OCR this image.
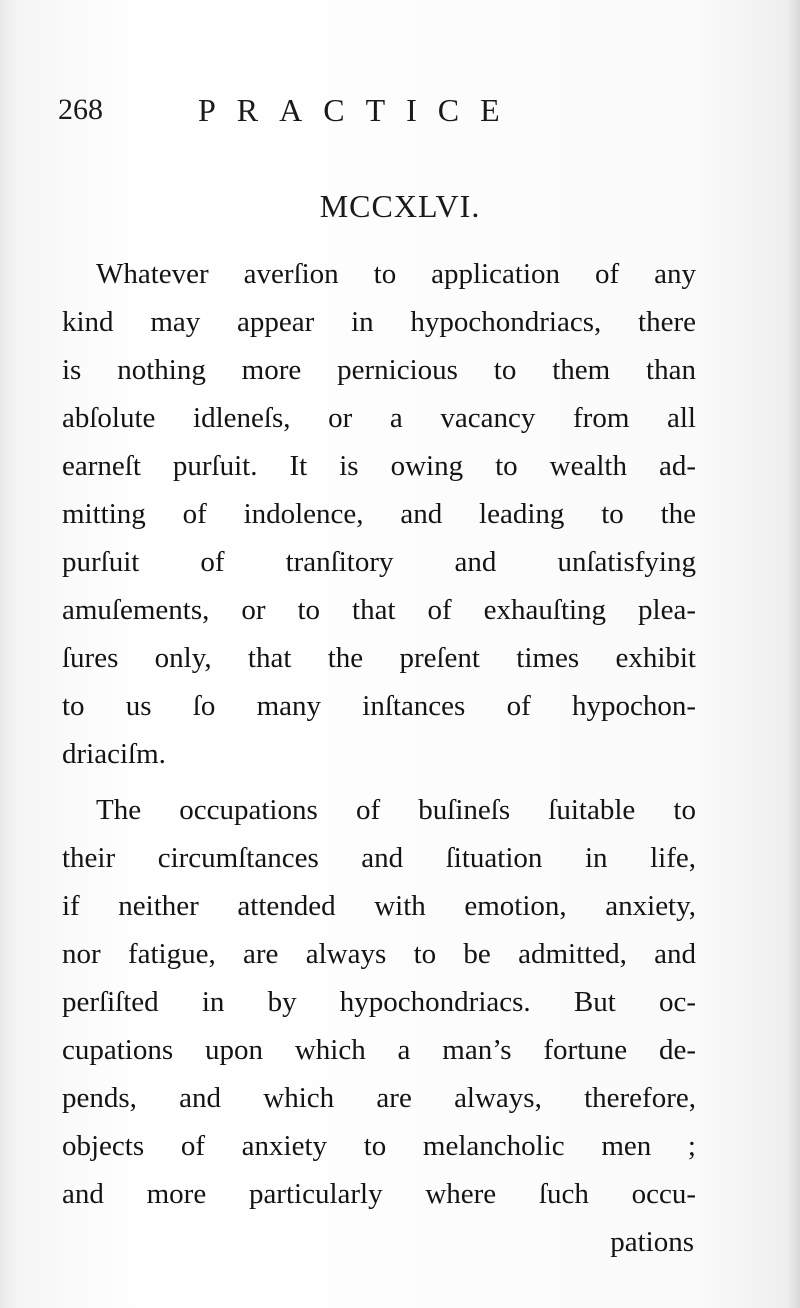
268	PRACTICE
MCCXLVI.
Whatever averſion to application of any
kind may appear in hypochondriacs, there
is nothing more pernicious to them than
abſolute idleneſs, or a vacancy from all
earneſt purſuit. It is owing to wealth ad-
mitting of indolence, and leading to the
purſuit of tranſitory and unſatisfying
amuſements, or to that of exhauſting plea-
ſures only, that the preſent times exhibit
to us ſo many inſtances of hypochon-
driaciſm.
The occupations of buſineſs ſuitable to
their circumſtances and ſituation in life,
if neither attended with emotion, anxiety,
nor fatigue, are always to be admitted, and
perſiſted in by hypochondriacs. But oc-
cupations upon which a man’s fortune de-
pends, and which are always, therefore,
objects of anxiety to melancholic men ;
and more particularly where ſuch occu-
pations
